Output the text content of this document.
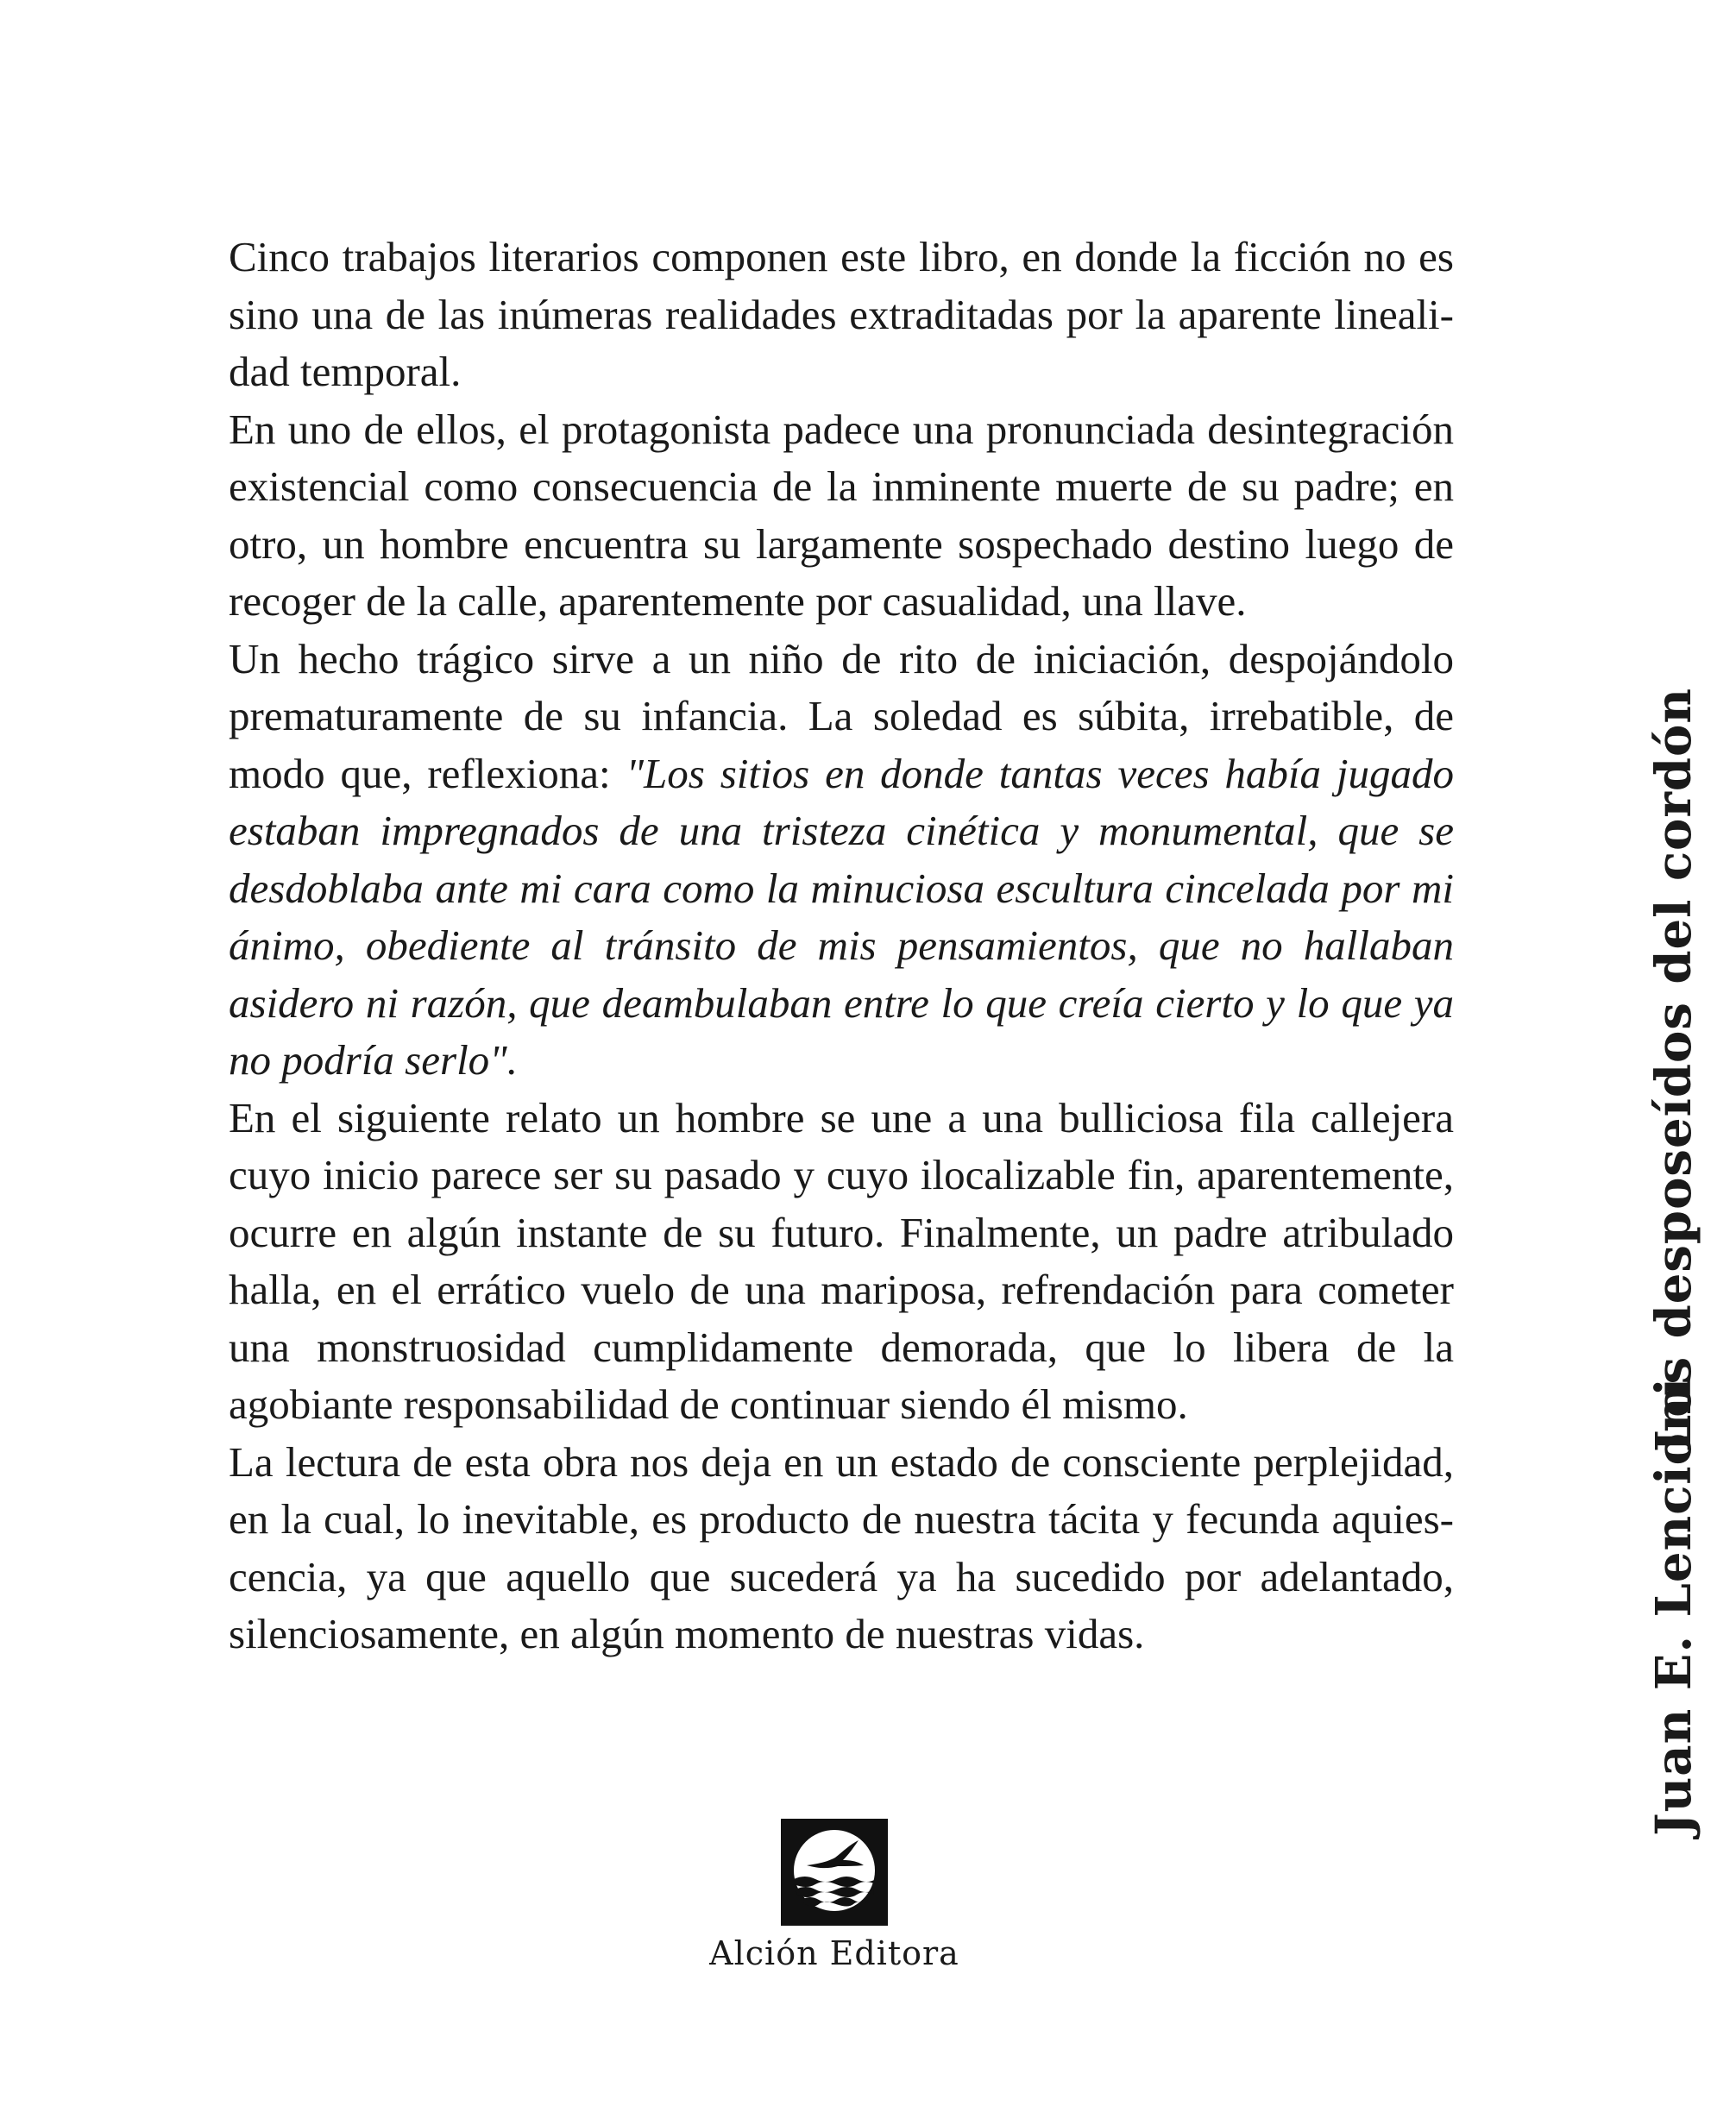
Cinco trabajos literarios componen este libro, en donde la ficción no es sino una de las inúmeras realidades extraditadas por la aparente linealidad temporal.

En uno de ellos, el protagonista padece una pronunciada desintegración existencial como consecuencia de la inminente muerte de su padre; en otro, un hombre encuentra su largamente sospechado destino luego de recoger de la calle, aparentemente por casualidad, una llave.

Un hecho trágico sirve a un niño de rito de iniciación, despojándolo prematuramente de su infancia. La soledad es súbita, irrebatible, de modo que, reflexiona: "Los sitios en donde tantas veces había jugado estaban impregnados de una tristeza cinética y monumental, que se desdoblaba ante mi cara como la minuciosa escultura cincelada por mi ánimo, obediente al tránsito de mis pensamientos, que no hallaban asidero ni razón, que deambulaban entre lo que creía cierto y lo que ya no podría serlo".

En el siguiente relato un hombre se une a una bulliciosa fila callejera cuyo inicio parece ser su pasado y cuyo ilocalizable fin, aparentemente, ocurre en algún instante de su futuro. Finalmente, un padre atribulado halla, en el errático vuelo de una mariposa, refrendación para cometer una monstruosidad cumplidamente demorada, que lo libera de la agobiante responsabilidad de continuar siendo él mismo.

La lectura de esta obra nos deja en un estado de consciente perplejidad, en la cual, lo inevitable, es producto de nuestra tácita y fecunda aquiescencia, ya que aquello que sucederá ya ha sucedido por adelantado, silenciosamente, en algún momento de nuestras vidas.

Los desposeídos del cordón
Juan E. Lencioni
Alción Editora
